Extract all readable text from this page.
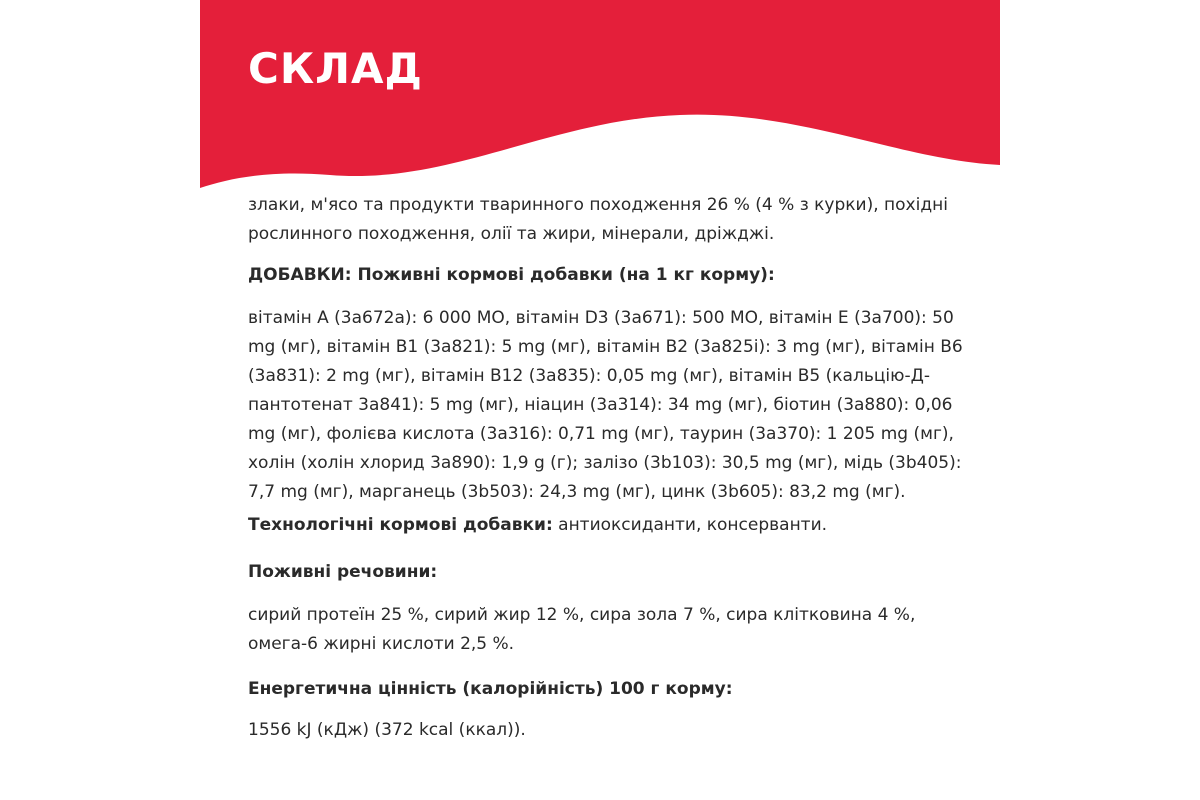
СКЛАД

злаки, м'ясо та продукти тваринного походження 26 % (4 % з курки), похідні рослинного походження, олії та жири, мінерали, дріжджі.

ДОБАВКИ: Поживні кормові добавки (на 1 кг корму):

вітамін А (3а672а): 6 000 МО, вітамін D3 (3а671): 500 МО, вітамін Е (3а700): 50 mg (мг), вітамін B1 (3а821): 5 mg (мг), вітамін B2 (3а825і): 3 mg (мг), вітамін B6 (3а831): 2 mg (мг), вітамін B12 (3а835): 0,05 mg (мг), вітамін B5 (кальцію-Д-пантотенат 3а841): 5 mg (мг), ніацин (3а314): 34 mg (мг), біотин (3а880): 0,06 mg (мг), фолієва кислота (3а316): 0,71 mg (мг), таурин (3а370): 1 205 mg (мг), холін (холін хлорид 3а890): 1,9 g (г); залізо (3b103): 30,5 mg (мг), мідь (3b405): 7,7 mg (мг), марганець (3b503): 24,3 mg (мг), цинк (3b605): 83,2 mg (мг).

Технологічні кормові добавки: антиоксиданти, консерванти.

Поживні речовини:

сирий протеїн 25 %, сирий жир 12 %, сира зола 7 %, сира клітковина 4 %, омега-6 жирні кислоти 2,5 %.

Енергетична цінність (калорійність) 100 г корму:

1556 kJ (кДж) (372 kcal (ккал)).
